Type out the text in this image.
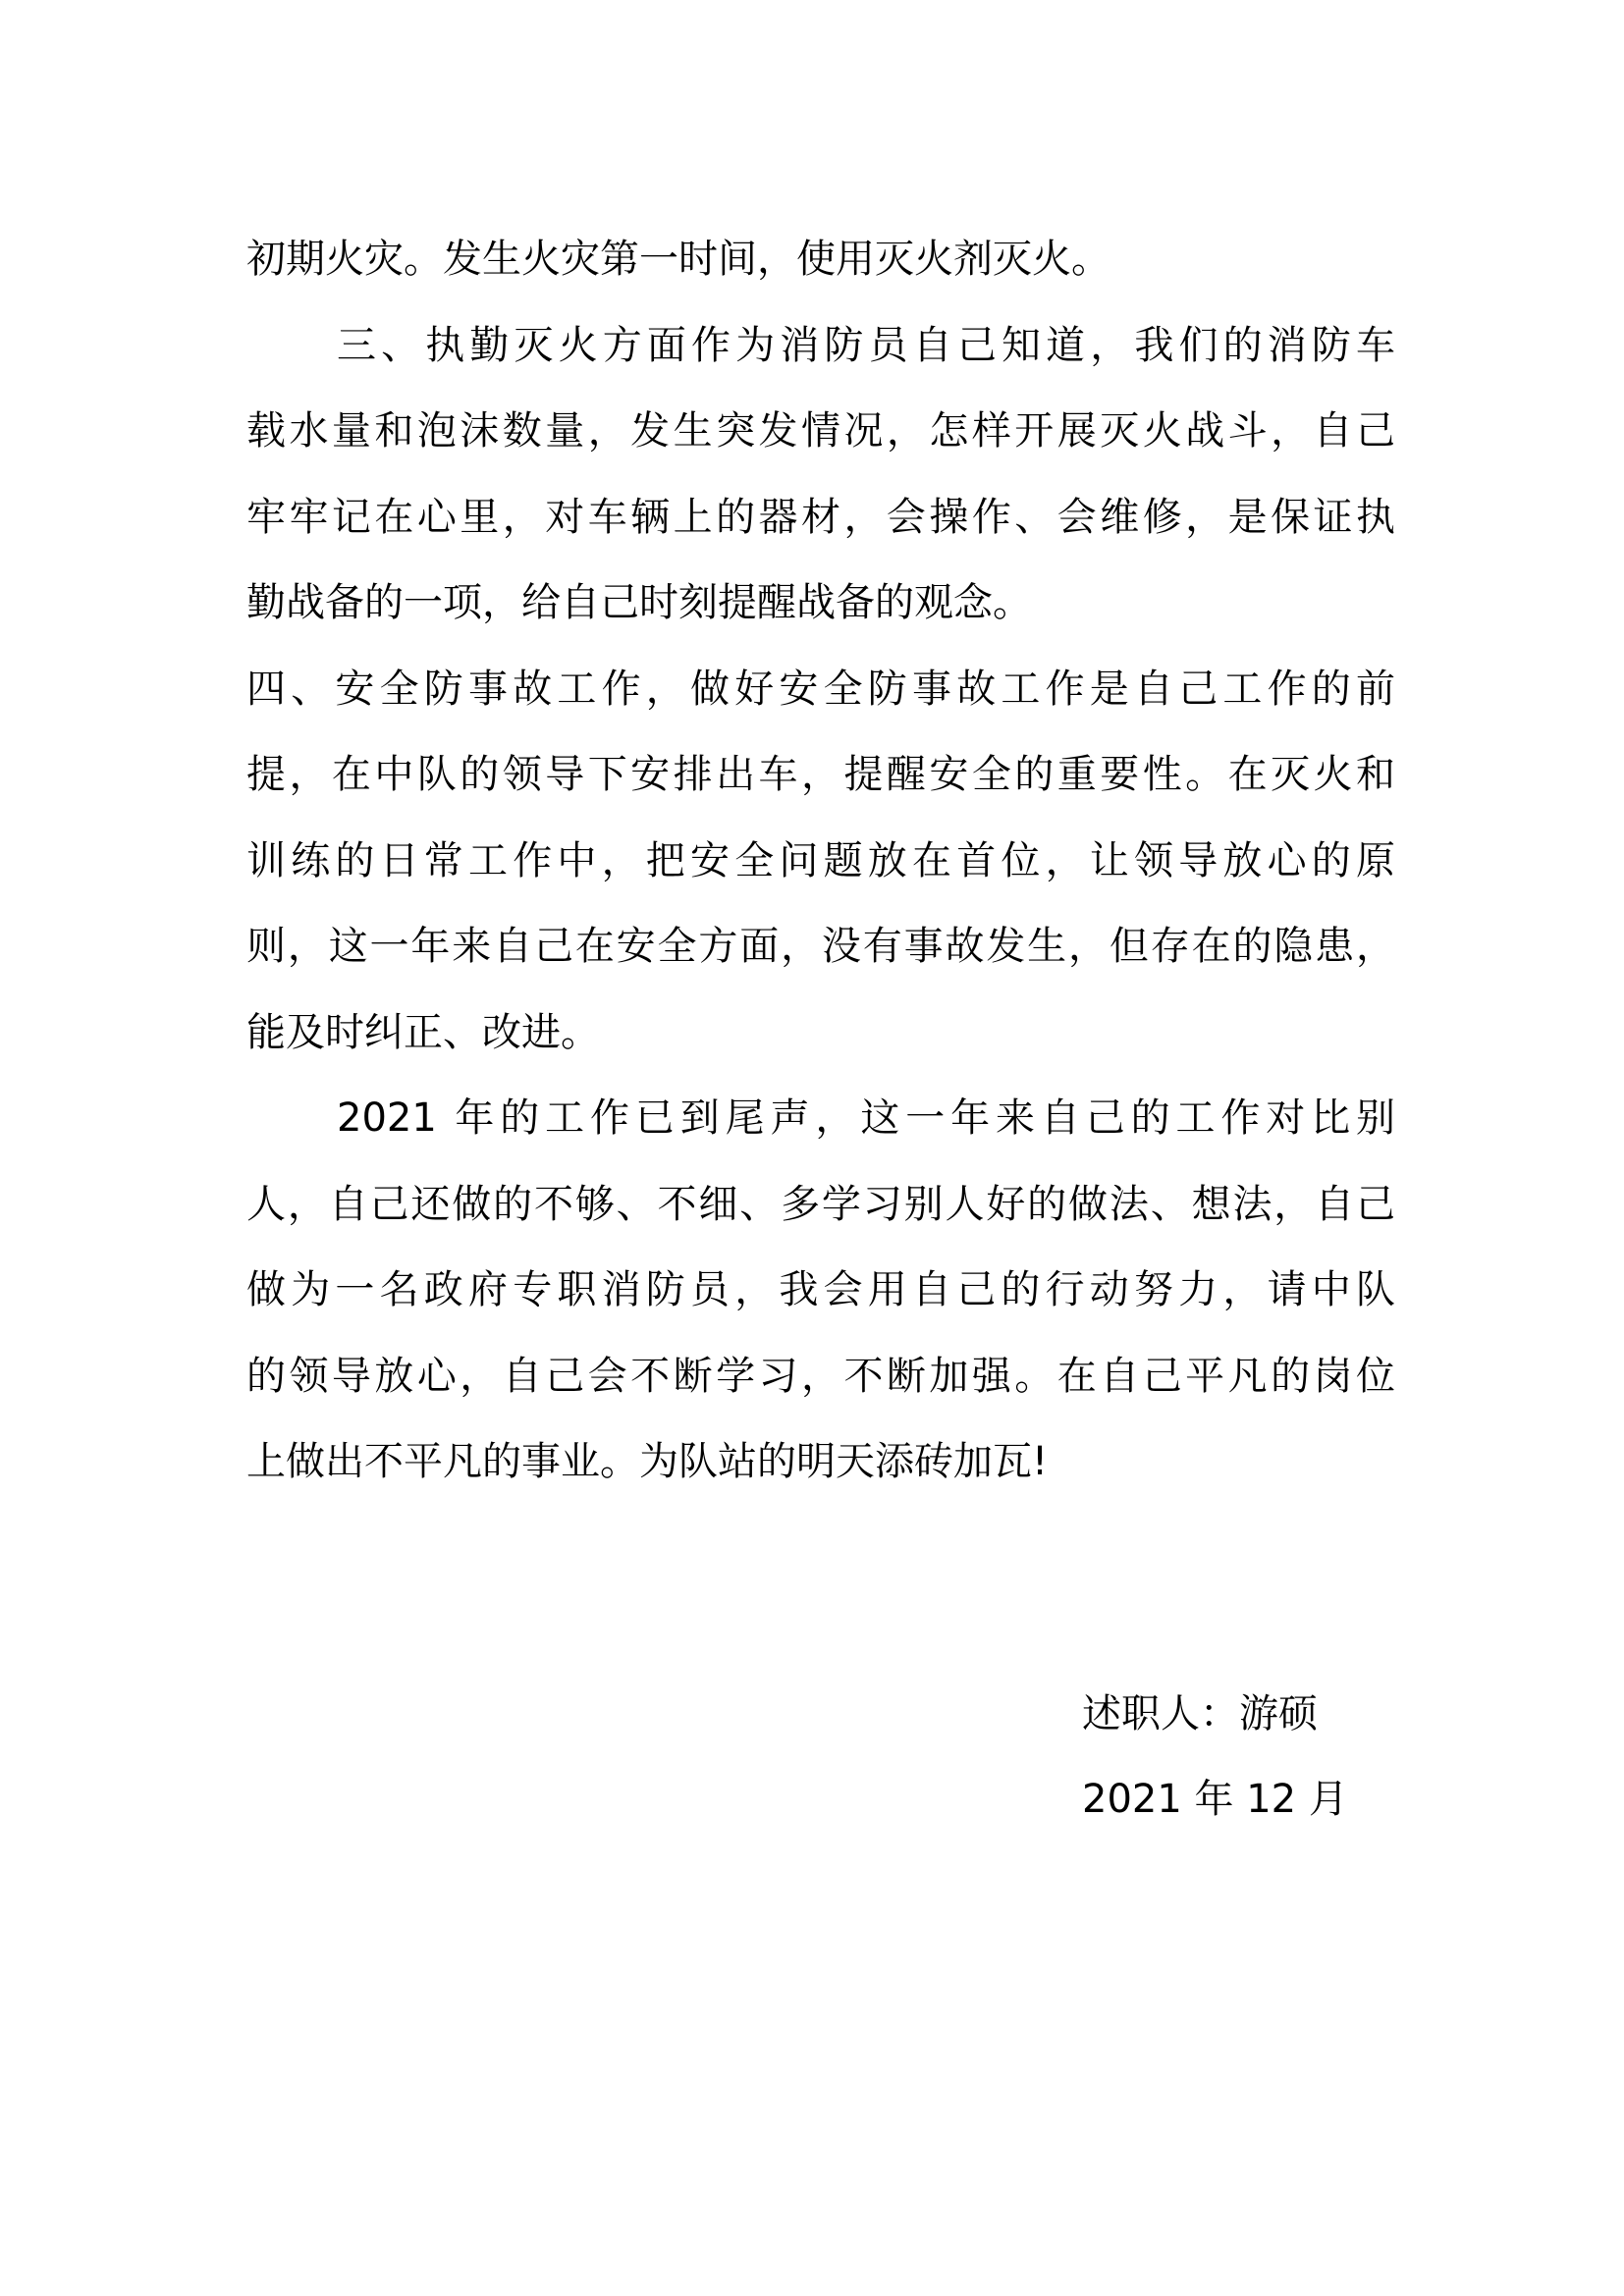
初期火灾。发生火灾第一时间，使用灭火剂灭火。
三、执勤灭火方面作为消防员自己知道，我们的消防车
载水量和泡沫数量，发生突发情况，怎样开展灭火战斗，自己
牢牢记在心里，对车辆上的器材，会操作、会维修，是保证执
勤战备的一项，给自己时刻提醒战备的观念。
四、安全防事故工作，做好安全防事故工作是自己工作的前
提，在中队的领导下安排出车，提醒安全的重要性。在灭火和
训练的日常工作中，把安全问题放在首位，让领导放心的原
则，这一年来自己在安全方面，没有事故发生，但存在的隐患，
能及时纠正、改进。
2021 年的工作已到尾声，这一年来自己的工作对比别
人，自己还做的不够、不细、多学习别人好的做法、想法，自己
做为一名政府专职消防员，我会用自己的行动努力，请中队
的领导放心，自己会不断学习，不断加强。在自己平凡的岗位
上做出不平凡的事业。为队站的明天添砖加瓦!
述职人：游硕
2021 年 12 月
